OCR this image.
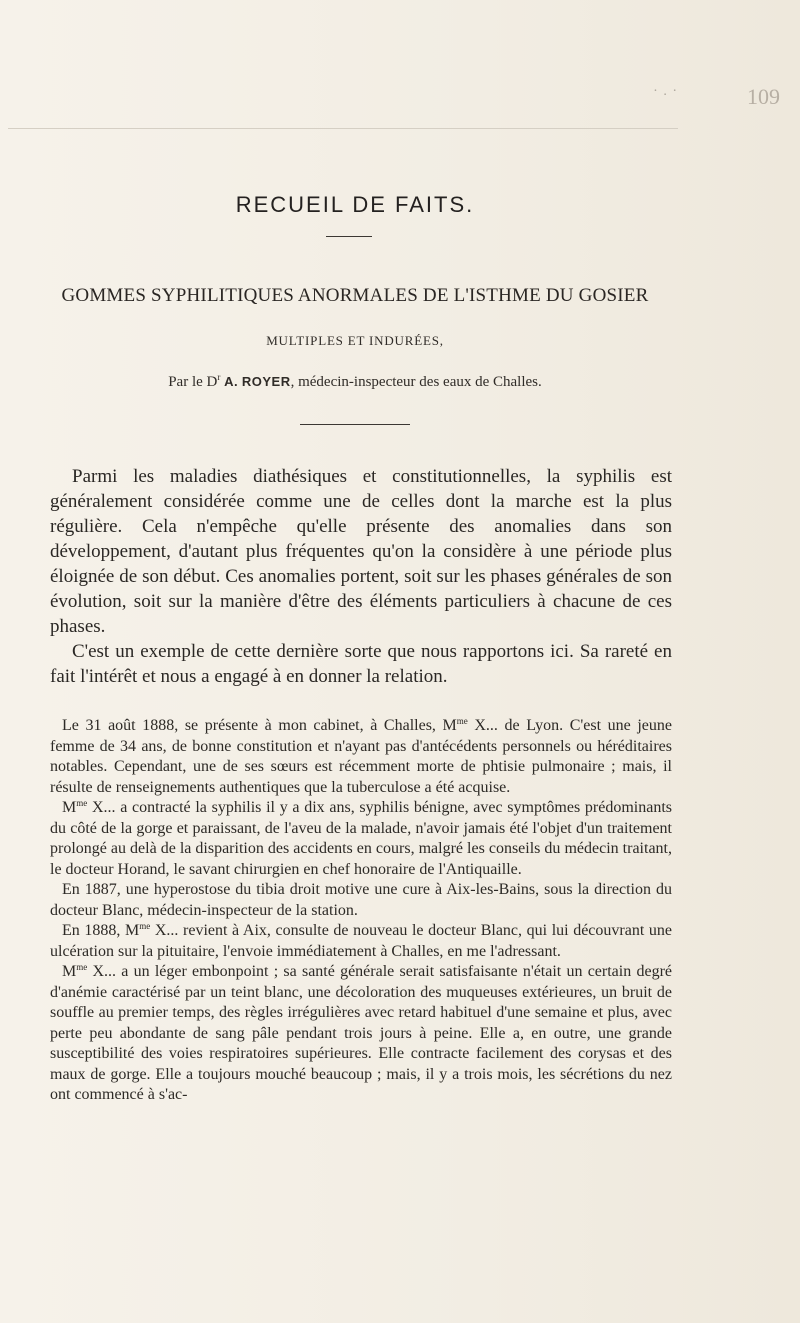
· . ·	109
RECUEIL DE FAITS.
GOMMES SYPHILITIQUES ANORMALES DE L'ISTHME DU GOSIER
MULTIPLES ET INDURÉES,
Par le $D^r$ A. ROYER, médecin-inspecteur des eaux de Challes.

Parmi les maladies diathésiques et constitutionnelles, la syphilis est généralement considérée comme une de celles dont la marche est la plus régulière. Cela n'empêche qu'elle présente des anomalies dans son développement, d'autant plus fréquentes qu'on la considère à une période plus éloignée de son début. Ces anomalies portent, soit sur les phases générales de son évolution, soit sur la manière d'être des éléments particuliers à chacune de ces phases.

C'est un exemple de cette dernière sorte que nous rapportons ici. Sa rareté en fait l'intérêt et nous a engagé à en donner la relation.

Le 31 août 1888, se présente à mon cabinet, à Challes, $M^{me}$ X... de Lyon. C'est une jeune femme de 34 ans, de bonne constitution et n'ayant pas d'antécédents personnels ou héréditaires notables. Cependant, une de ses sœurs est récemment morte de phtisie pulmonaire ; mais, il résulte de renseignements authentiques que la tuberculose a été acquise.

$M^{me}$ X... a contracté la syphilis il y a dix ans, syphilis bénigne, avec symptômes prédominants du côté de la gorge et paraissant, de l'aveu de la malade, n'avoir jamais été l'objet d'un traitement prolongé au delà de la disparition des accidents en cours, malgré les conseils du médecin traitant, le docteur Horand, le savant chirurgien en chef honoraire de l'Antiquaille.

En 1887, une hyperostose du tibia droit motive une cure à Aix-les-Bains, sous la direction du docteur Blanc, médecin-inspecteur de la station.

En 1888, $M^{me}$ X... revient à Aix, consulte de nouveau le docteur Blanc, qui lui découvrant une ulcération sur la pituitaire, l'envoie immédiatement à Challes, en me l'adressant.

$M^{me}$ X... a un léger embonpoint ; sa santé générale serait satisfaisante n'était un certain degré d'anémie caractérisé par un teint blanc, une décoloration des muqueuses extérieures, un bruit de souffle au premier temps, des règles irrégulières avec retard habituel d'une semaine et plus, avec perte peu abondante de sang pâle pendant trois jours à peine. Elle a, en outre, une grande susceptibilité des voies respiratoires supérieures. Elle contracte facilement des corysas et des maux de gorge. Elle a toujours mouché beaucoup ; mais, il y a trois mois, les sécrétions du nez ont commencé à s'ac-
